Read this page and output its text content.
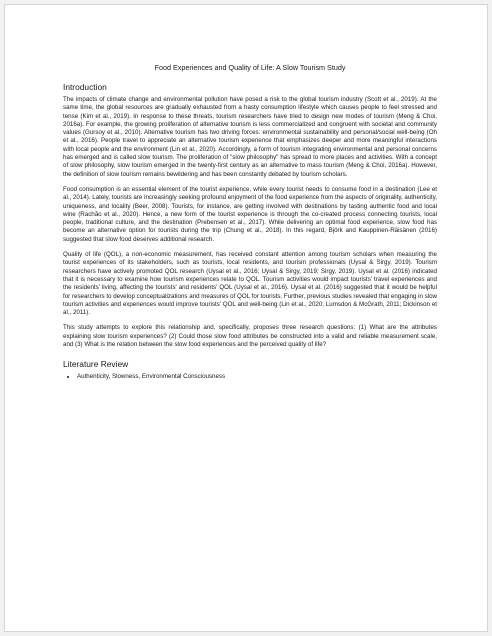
Food Experiences and Quality of Life: A Slow Tourism Study
Introduction

The impacts of climate change and environmental pollution have posed a risk to the global tourism industry (Scott et al., 2019). At the same time, the global resources are gradually exhausted from a hasty consumption lifestyle which causes people to feel stressed and tense (Kim et al., 2019). In response to these threats, tourism researchers have tried to design new modes of tourism (Meng & Choi, 2016a). For example, the growing proliferation of alternative tourism is less commercialized and congruent with societal and community values (Gursoy et al., 2010). Alternative tourism has two driving forces: environmental sustainability and personal/social well-being (Oh et al., 2016). People travel to appreciate an alternative tourism experience that emphasizes deeper and more meaningful interactions with local people and the environment (Lin et al., 2020). Accordingly, a form of tourism integrating environmental and personal concerns has emerged and is called slow tourism. The proliferation of "slow philosophy" has spread to more places and activities. With a concept of slow philosophy, slow tourism emerged in the twenty-first century as an alternative to mass tourism (Meng & Choi, 2016a). However, the definition of slow tourism remains bewildering and has been constantly debated by tourism scholars.

Food consumption is an essential element of the tourist experience, while every tourist needs to consume food in a destination (Lee et al., 2014). Lately, tourists are increasingly seeking profound enjoyment of the food experience from the aspects of originality, authenticity, uniqueness, and locality (Beer, 2008). Tourists, for instance, are getting involved with destinations by tasting authentic food and local wine (Rachão et al., 2020). Hence, a new form of the tourist experience is through the co-created process connecting tourists, local people, traditional culture, and the destination (Prebensen et al., 2017). While delivering an optimal food experience, slow food has become an alternative option for tourists during the trip (Chung et al., 2018). In this regard, Björk and Kauppinen-Räisänen (2016) suggested that slow food deserves additional research.

Quality of life (QOL), a non-economic measurement, has received constant attention among tourism scholars when measuring the tourist experiences of its stakeholders, such as tourists, local residents, and tourism professionals (Uysal & Sirgy, 2019). Tourism researchers have actively promoted QOL research (Uysal et al., 2016; Uysal & Sirgy, 2019; Sirgy, 2019). Uysal et al. (2016) indicated that it is necessary to examine how tourism experiences relate to QOL. Tourism activities would impact tourists' travel experiences and the residents' living, affecting the tourists' and residents' QOL (Uysal et al., 2016). Uysal et al. (2016) suggested that it would be helpful for researchers to develop conceptualizations and measures of QOL for tourists. Further, previous studies revealed that engaging in slow tourism activities and experiences would improve tourists' QOL and well-being (Lin et al., 2020; Lumsdon & McGrath, 2011; Dickinson et al., 2011).

This study attempts to explore this relationship and, specifically, proposes three research questions: (1) What are the attributes explaining slow tourism experiences? (2) Could those slow food attributes be constructed into a valid and reliable measurement scale, and (3) What is the relation between the slow food experiences and the perceived quality of life?

Literature Review
• Authenticity, Slowness, Environmental Consciousness
